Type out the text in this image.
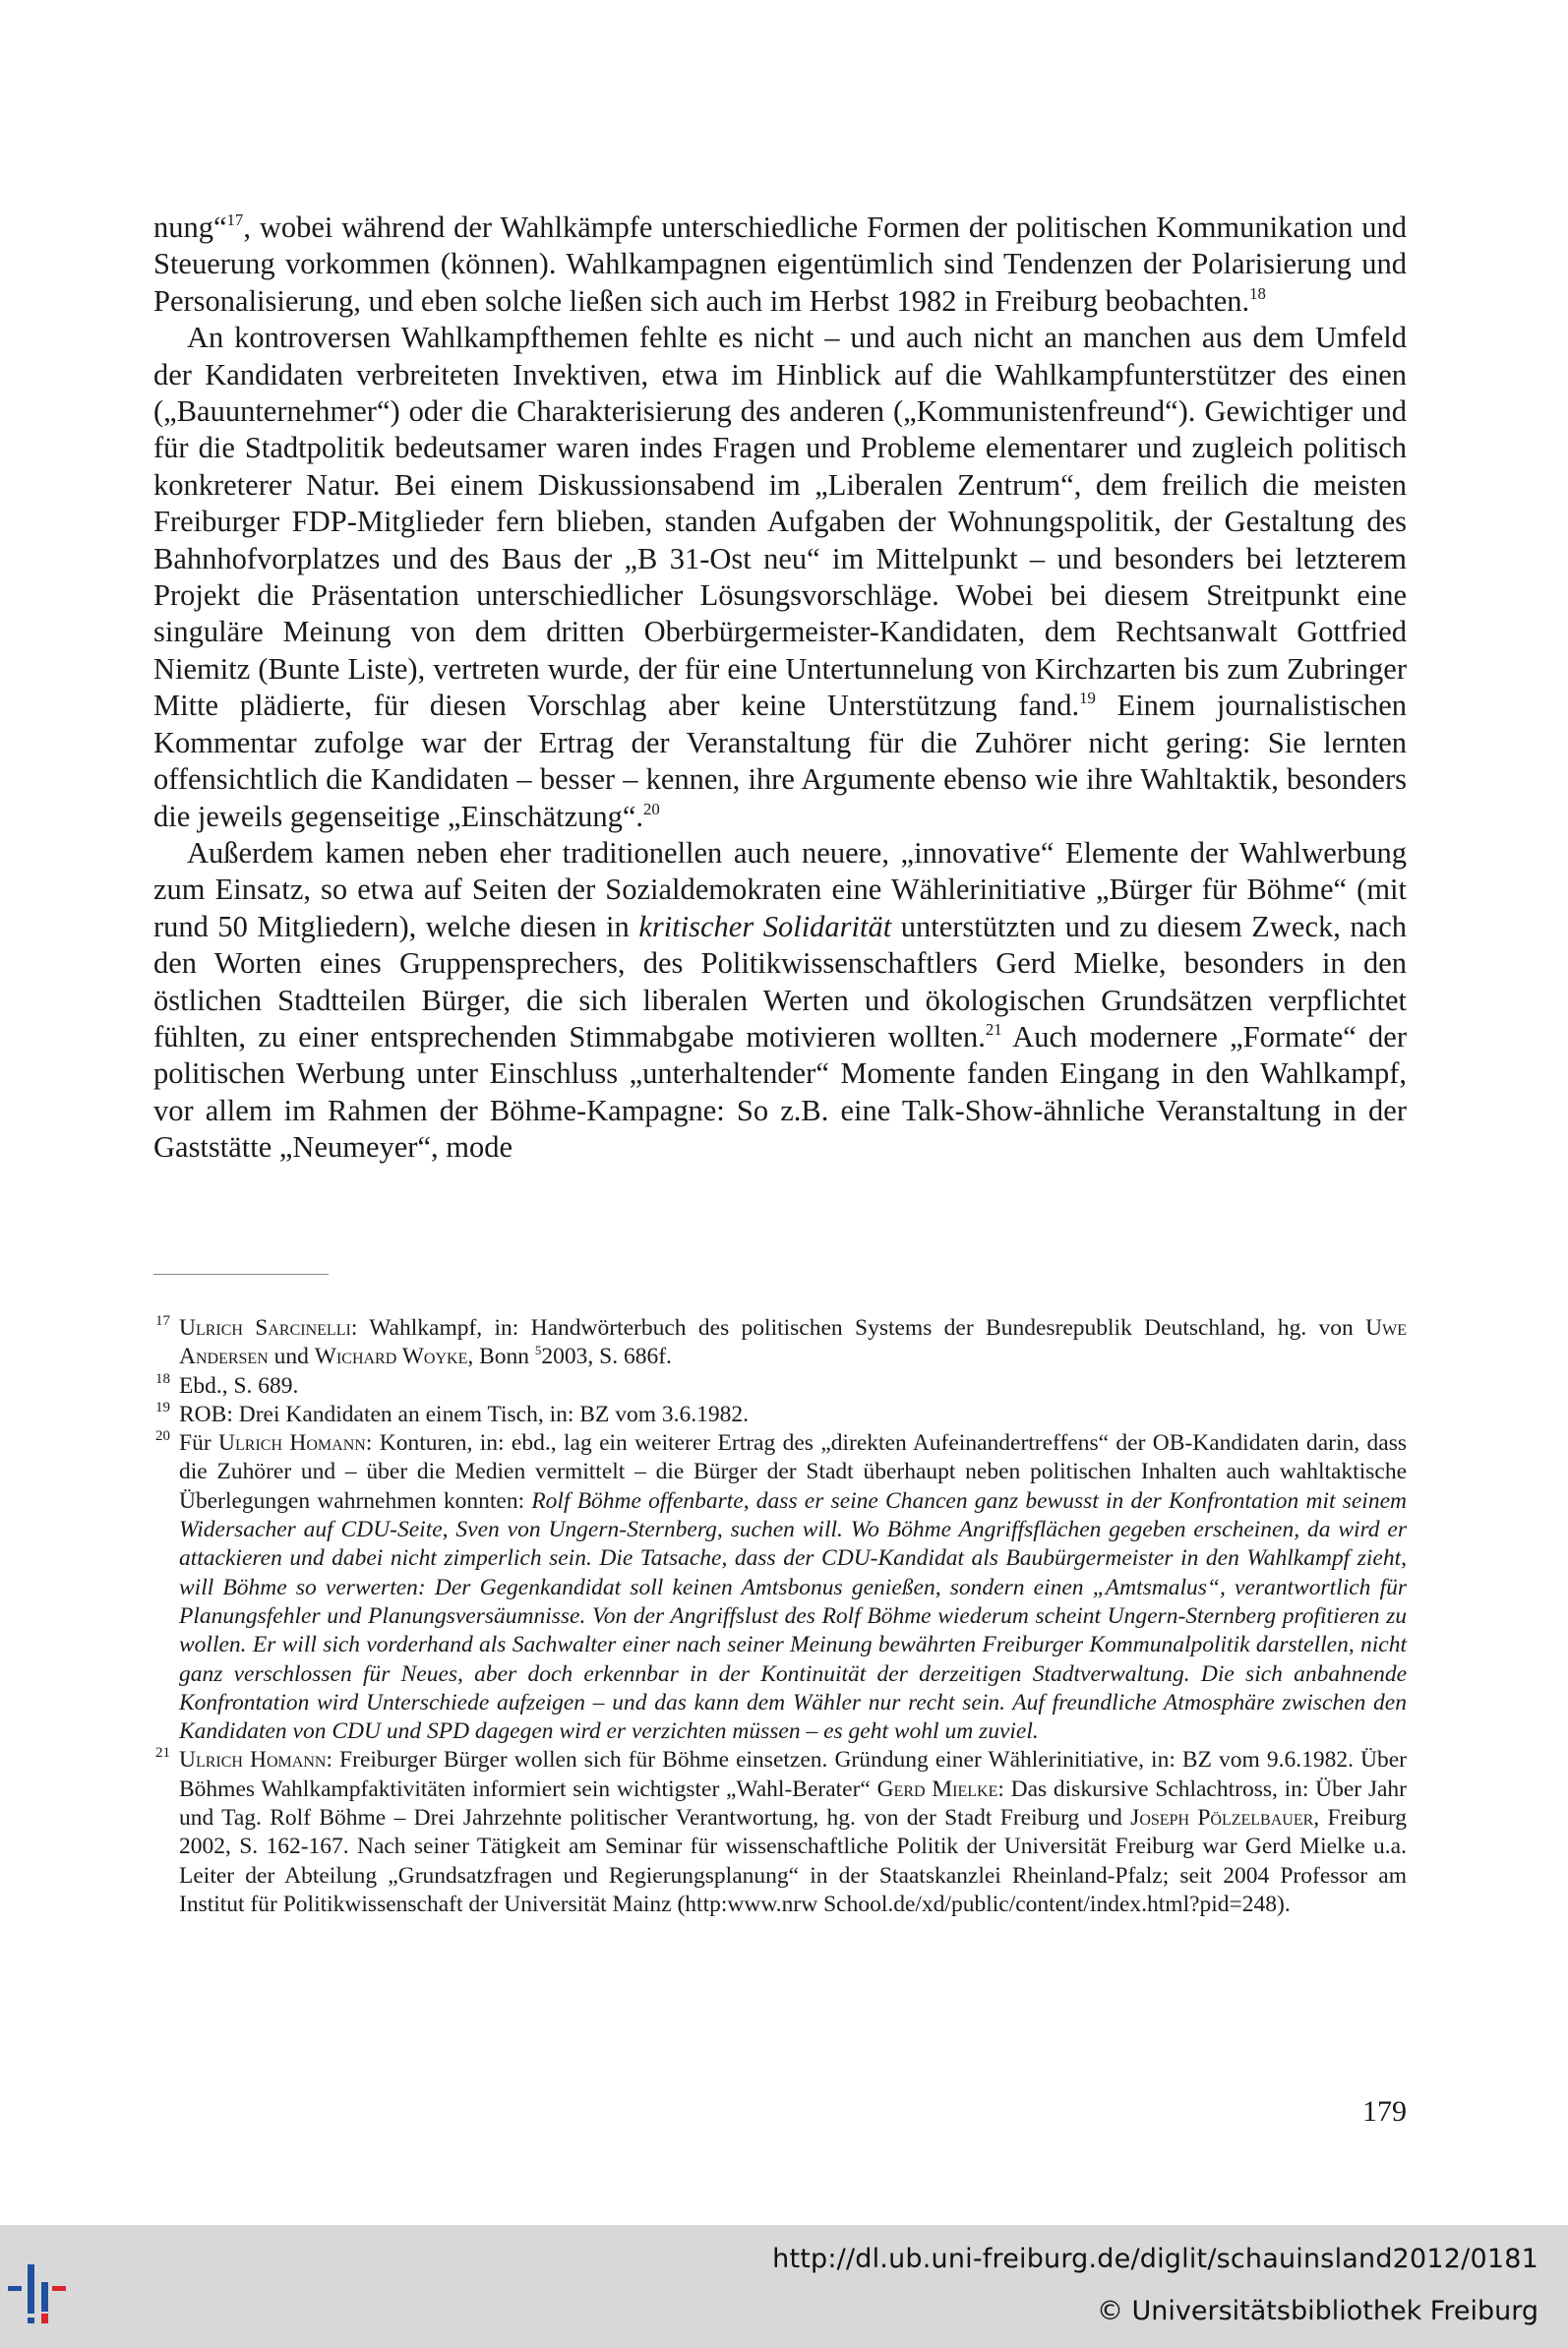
nung“$^{17}$, wobei während der Wahlkämpfe unterschiedliche Formen der politischen Kommunikation und Steuerung vorkommen (können). Wahlkampagnen eigentümlich sind Tendenzen der Polarisierung und Personalisierung, und eben solche ließen sich auch im Herbst 1982 in Freiburg beobachten.$^{18}$

An kontroversen Wahlkampfthemen fehlte es nicht – und auch nicht an manchen aus dem Umfeld der Kandidaten verbreiteten Invektiven, etwa im Hinblick auf die Wahlkampfunterstützer des einen („Bauunternehmer“) oder die Charakterisierung des anderen („Kommunistenfreund“). Gewichtiger und für die Stadtpolitik bedeutsamer waren indes Fragen und Probleme elementarer und zugleich politisch konkreterer Natur. Bei einem Diskussionsabend im „Liberalen Zentrum“, dem freilich die meisten Freiburger FDP-Mitglieder fern blieben, standen Aufgaben der Wohnungspolitik, der Gestaltung des Bahnhofvorplatzes und des Baus der „B 31-Ost neu“ im Mittelpunkt – und besonders bei letzterem Projekt die Präsentation unterschiedlicher Lösungsvorschläge. Wobei bei diesem Streitpunkt eine singuläre Meinung von dem dritten Oberbürgermeister-Kandidaten, dem Rechtsanwalt Gottfried Niemitz (Bunte Liste), vertreten wurde, der für eine Untertunnelung von Kirchzarten bis zum Zubringer Mitte plädierte, für diesen Vorschlag aber keine Unterstützung fand.$^{19}$ Einem journalistischen Kommentar zufolge war der Ertrag der Veranstaltung für die Zuhörer nicht gering: Sie lernten offensichtlich die Kandidaten – besser – kennen, ihre Argumente ebenso wie ihre Wahltaktik, besonders die jeweils gegenseitige „Einschätzung“.$^{20}$

Außerdem kamen neben eher traditionellen auch neuere, „innovative“ Elemente der Wahlwerbung zum Einsatz, so etwa auf Seiten der Sozialdemokraten eine Wählerinitiative „Bürger für Böhme“ (mit rund 50 Mitgliedern), welche diesen in kritischer Solidarität unterstützten und zu diesem Zweck, nach den Worten eines Gruppensprechers, des Politikwissenschaftlers Gerd Mielke, besonders in den östlichen Stadtteilen Bürger, die sich liberalen Werten und ökologischen Grundsätzen verpflichtet fühlten, zu einer entsprechenden Stimmabgabe motivieren wollten.$^{21}$ Auch modernere „Formate“ der politischen Werbung unter Einschluss „unterhaltender“ Momente fanden Eingang in den Wahlkampf, vor allem im Rahmen der Böhme-Kampagne: So z.B. eine Talk-Show-ähnliche Veranstaltung in der Gaststätte „Neumeyer“, mode

17 Ulrich Sarcinelli: Wahlkampf, in: Handwörterbuch des politischen Systems der Bundesrepublik Deutschland, hg. von Uwe Andersen und Wichard Woyke, Bonn $^5$2003, S. 686f.

18 Ebd., S. 689.

19 ROB: Drei Kandidaten an einem Tisch, in: BZ vom 3.6.1982.

20 Für Ulrich Homann: Konturen, in: ebd., lag ein weiterer Ertrag des „direkten Aufeinandertreffens“ der OB-Kandidaten darin, dass die Zuhörer und – über die Medien vermittelt – die Bürger der Stadt überhaupt neben politischen Inhalten auch wahltaktische Überlegungen wahrnehmen konnten: Rolf Böhme offenbarte, dass er seine Chancen ganz bewusst in der Konfrontation mit seinem Widersacher auf CDU-Seite, Sven von Ungern-Sternberg, suchen will. Wo Böhme Angriffsflächen gegeben erscheinen, da wird er attackieren und dabei nicht zimperlich sein. Die Tatsache, dass der CDU-Kandidat als Baubürgermeister in den Wahlkampf zieht, will Böhme so verwerten: Der Gegenkandidat soll keinen Amtsbonus genießen, sondern einen „Amtsmalus“, verantwortlich für Planungsfehler und Planungsversäumnisse. Von der Angriffslust des Rolf Böhme wiederum scheint Ungern-Sternberg profitieren zu wollen. Er will sich vorderhand als Sachwalter einer nach seiner Meinung bewährten Freiburger Kommunalpolitik darstellen, nicht ganz verschlossen für Neues, aber doch erkennbar in der Kontinuität der derzeitigen Stadtverwaltung. Die sich anbahnende Konfrontation wird Unterschiede aufzeigen – und das kann dem Wähler nur recht sein. Auf freundliche Atmosphäre zwischen den Kandidaten von CDU und SPD dagegen wird er verzichten müssen – es geht wohl um zuviel.

21 Ulrich Homann: Freiburger Bürger wollen sich für Böhme einsetzen. Gründung einer Wählerinitiative, in: BZ vom 9.6.1982. Über Böhmes Wahlkampfaktivitäten informiert sein wichtigster „Wahl-Berater“ Gerd Mielke: Das diskursive Schlachtross, in: Über Jahr und Tag. Rolf Böhme – Drei Jahrzehnte politischer Verantwortung, hg. von der Stadt Freiburg und Joseph Pölzelbauer, Freiburg 2002, S. 162-167. Nach seiner Tätigkeit am Seminar für wissenschaftliche Politik der Universität Freiburg war Gerd Mielke u.a. Leiter der Abteilung „Grundsatzfragen und Regierungsplanung“ in der Staatskanzlei Rheinland-Pfalz; seit 2004 Professor am Institut für Politikwissenschaft der Universität Mainz (http:www.nrw School.de/xd/public/content/index.html?pid=248).

179
http://dl.ub.uni-freiburg.de/diglit/schauinsland2012/0181
© Universitätsbibliothek Freiburg
